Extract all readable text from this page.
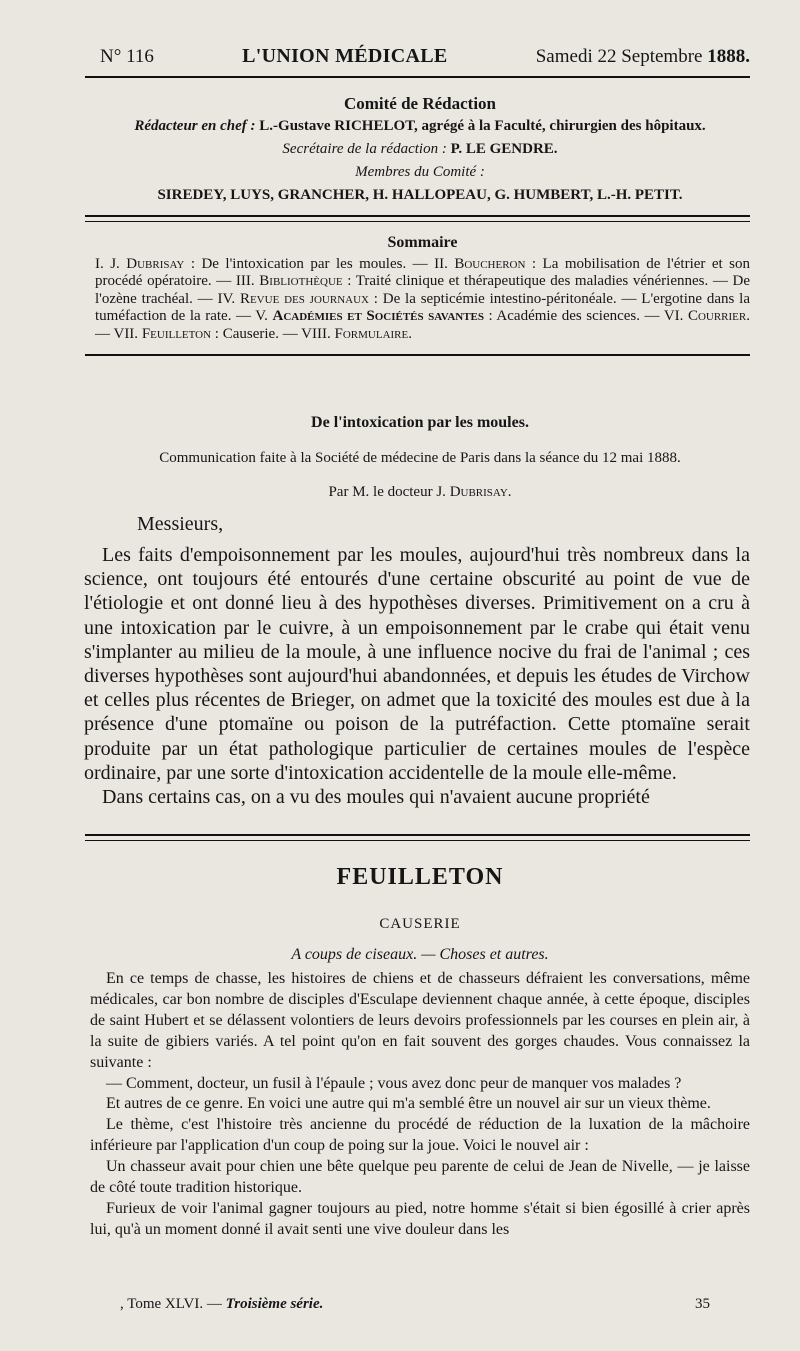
N° 116	L'UNION MÉDICALE	Samedi 22 Septembre 1888.
Comité de Rédaction
Rédacteur en chef : L.-Gustave RICHELOT, agrégé à la Faculté, chirurgien des hôpitaux.
Secrétaire de la rédaction : P. LE GENDRE.
Membres du Comité :
SIREDEY, LUYS, GRANCHER, H. HALLOPEAU, G. HUMBERT, L.-H. PETIT.
Sommaire
I. J. Dubrisay : De l'intoxication par les moules. — II. Boucheron : La mobilisation de l'étrier et son procédé opératoire. — III. Bibliothèque : Traité clinique et thérapeutique des maladies vénériennes. — De l'ozène trachéal. — IV. Revue des journaux : De la septicémie intestino-péritonéale. — L'ergotine dans la tuméfaction de la rate. — V. Académies et Sociétés savantes : Académie des sciences. — VI. Courrier. — VII. Feuilleton : Causerie. — VIII. Formulaire.
De l'intoxication par les moules.
Communication faite à la Société de médecine de Paris dans la séance du 12 mai 1888.
Par M. le docteur J. Dubrisay.
Messieurs,

Les faits d'empoisonnement par les moules, aujourd'hui très nombreux dans la science, ont toujours été entourés d'une certaine obscurité au point de vue de l'étiologie et ont donné lieu à des hypothèses diverses. Primitivement on a cru à une intoxication par le cuivre, à un empoisonnement par le crabe qui était venu s'implanter au milieu de la moule, à une influence nocive du frai de l'animal ; ces diverses hypothèses sont aujourd'hui abandonnées, et depuis les études de Virchow et celles plus récentes de Brieger, on admet que la toxicité des moules est due à la présence d'une ptomaïne ou poison de la putréfaction. Cette ptomaïne serait produite par un état pathologique particulier de certaines moules de l'espèce ordinaire, par une sorte d'intoxication accidentelle de la moule elle-même.

Dans certains cas, on a vu des moules qui n'avaient aucune propriété

FEUILLETON
CAUSERIE
A coups de ciseaux. — Choses et autres.

En ce temps de chasse, les histoires de chiens et de chasseurs défraient les conversations, même médicales, car bon nombre de disciples d'Esculape deviennent chaque année, à cette époque, disciples de saint Hubert et se délassent volontiers de leurs devoirs professionnels par les courses en plein air, à la suite de gibiers variés. A tel point qu'on en fait souvent des gorges chaudes. Vous connaissez la suivante :

— Comment, docteur, un fusil à l'épaule ; vous avez donc peur de manquer vos malades ?

Et autres de ce genre. En voici une autre qui m'a semblé être un nouvel air sur un vieux thème.

Le thème, c'est l'histoire très ancienne du procédé de réduction de la luxation de la mâchoire inférieure par l'application d'un coup de poing sur la joue. Voici le nouvel air :

Un chasseur avait pour chien une bête quelque peu parente de celui de Jean de Nivelle, — je laisse de côté toute tradition historique.

Furieux de voir l'animal gagner toujours au pied, notre homme s'était si bien égosillé à crier après lui, qu'à un moment donné il avait senti une vive douleur dans les

, Tome XLVI. — Troisième série.	35
